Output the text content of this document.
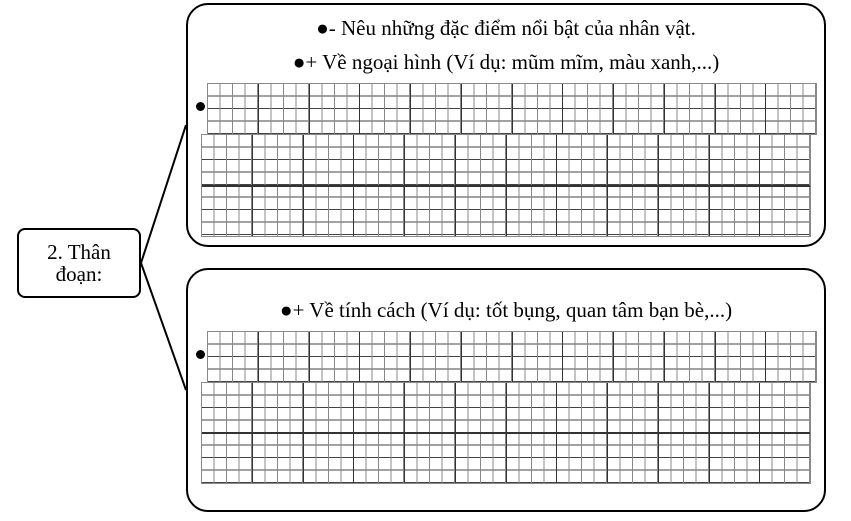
2. Thân
đoạn:
●- Nêu những đặc điểm nổi bật của nhân vật.
●+ Về ngoại hình (Ví dụ: mũm mĩm, màu xanh,...)
●+ Về tính cách (Ví dụ: tốt bụng, quan tâm bạn bè,...)
